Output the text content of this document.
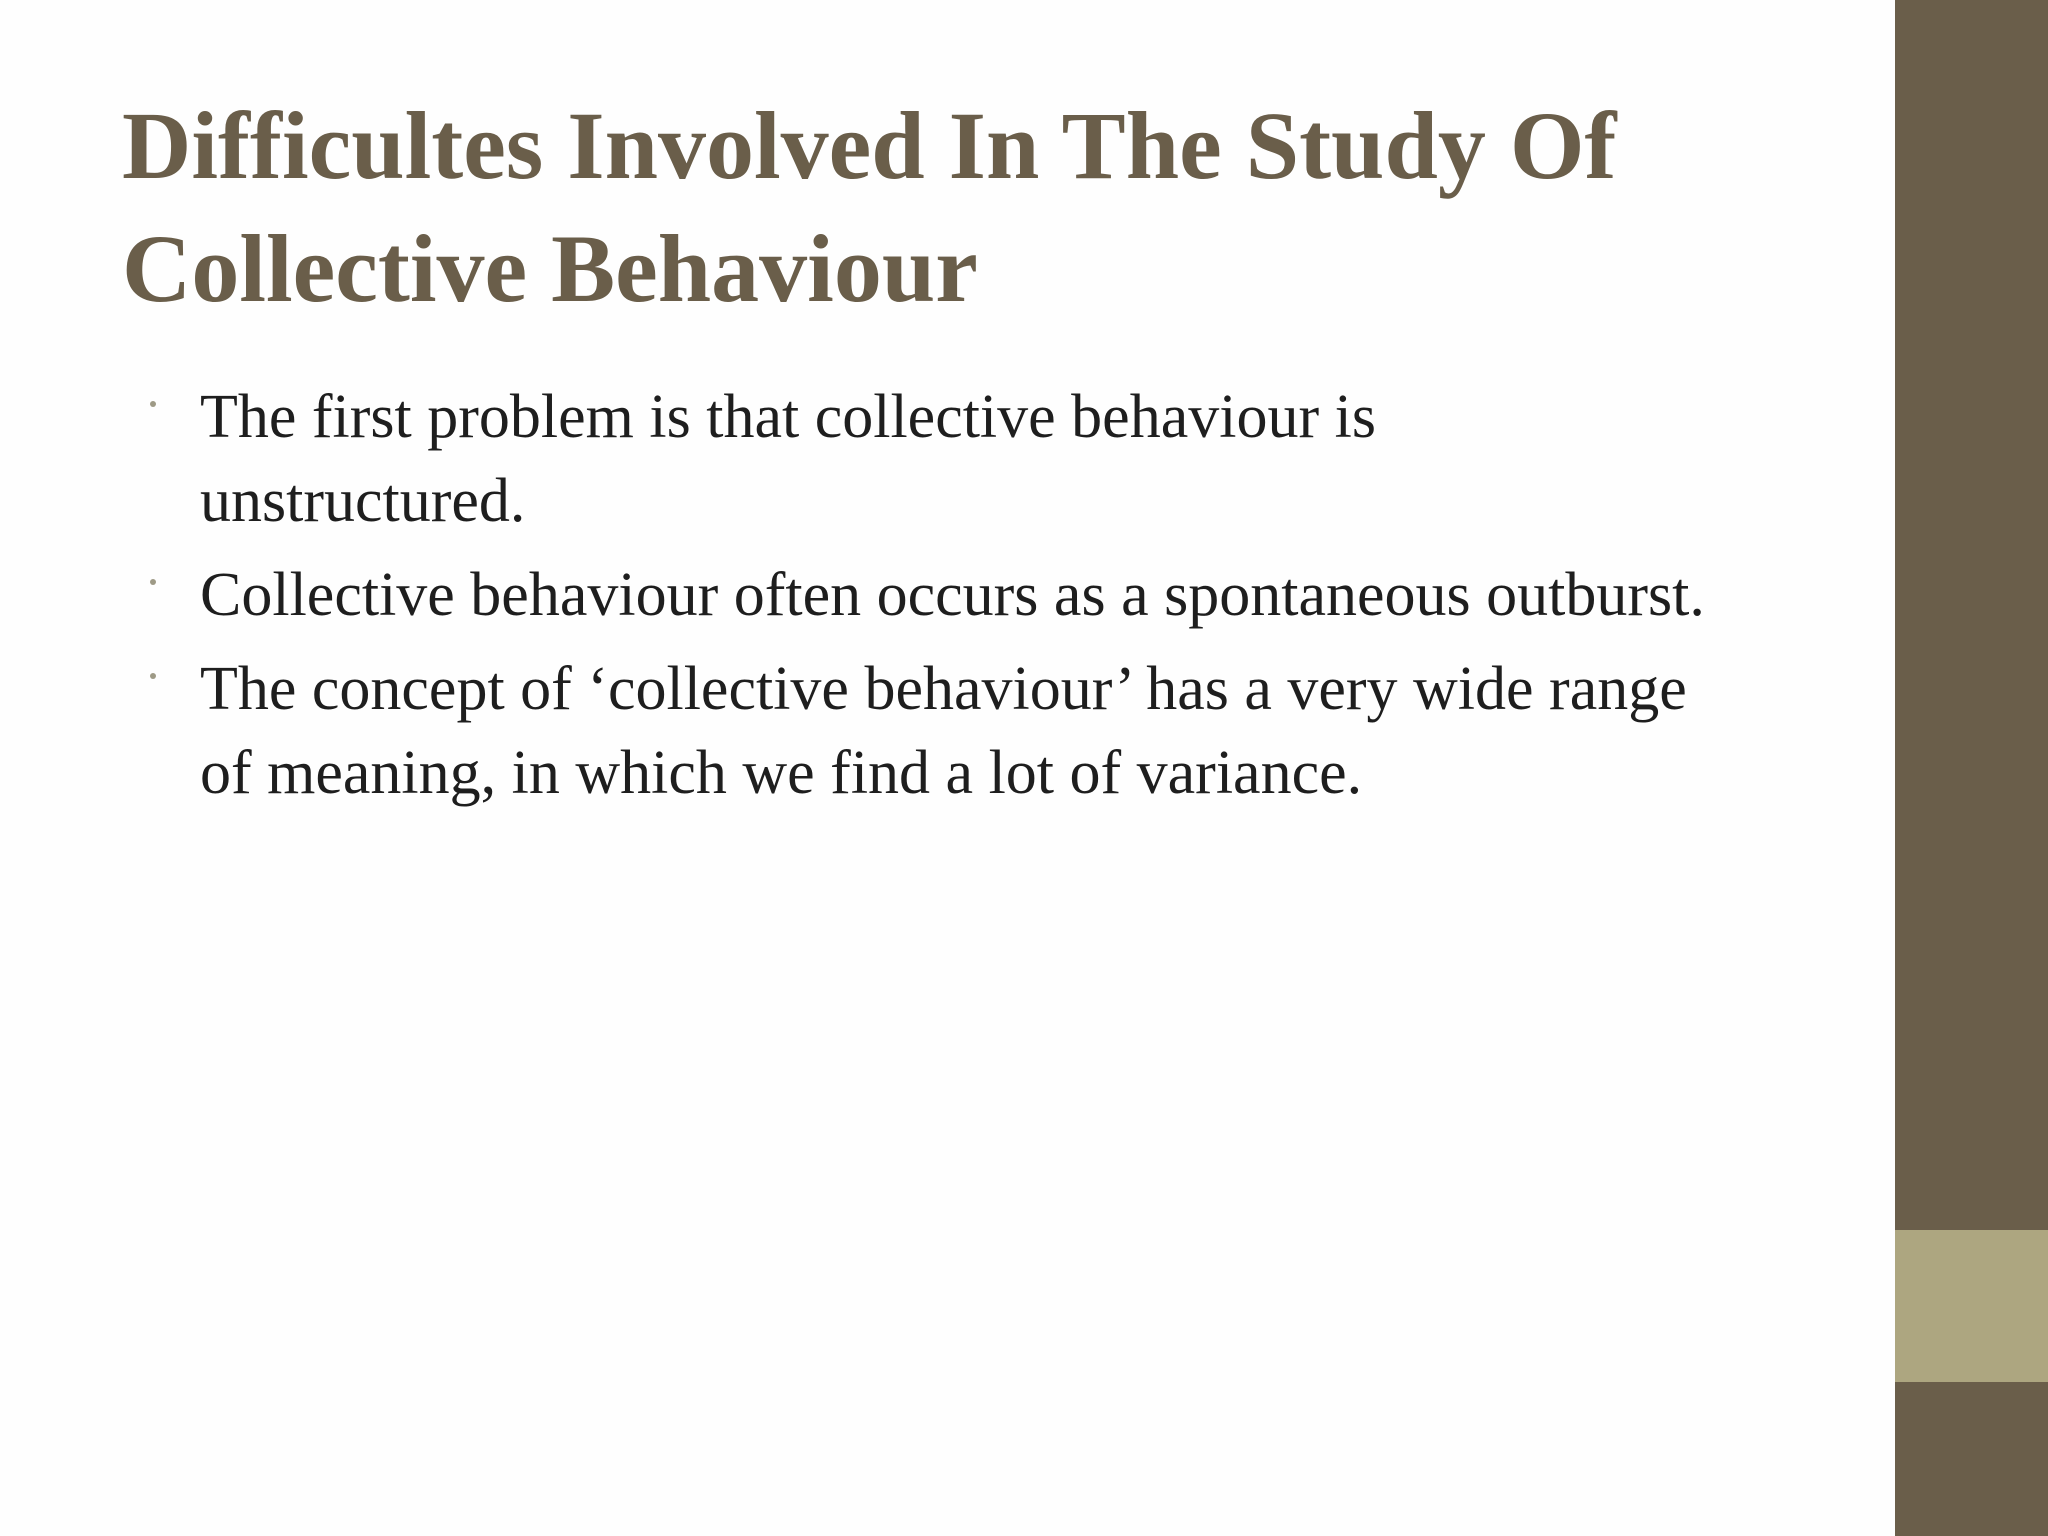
Difficultes Involved In The Study Of Collective Behaviour
The first problem is that collective behaviour is unstructured.
Collective behaviour often occurs as a spontaneous outburst.
The concept of ‘collective behaviour’ has a very wide range of meaning, in which we find a lot of variance.
